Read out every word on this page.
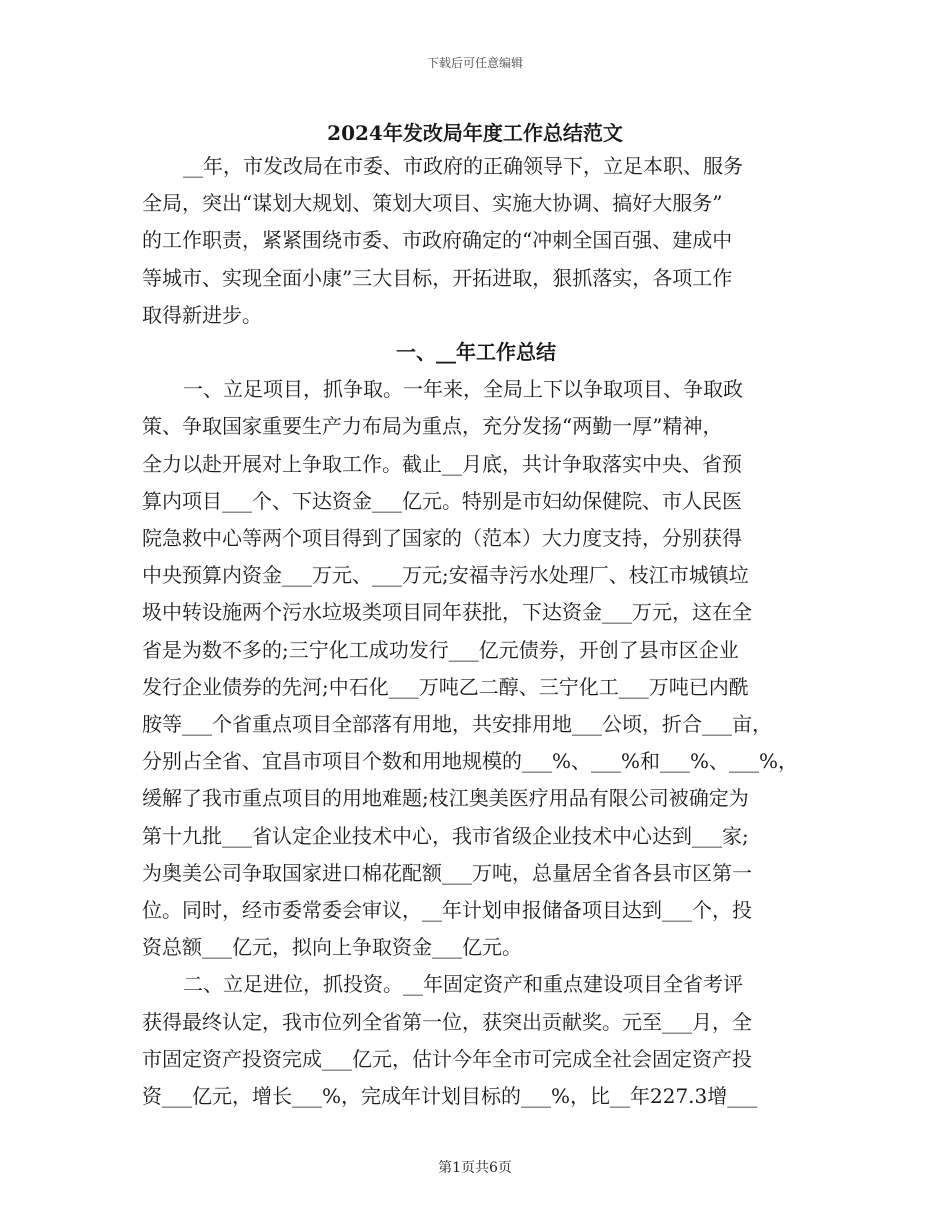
下载后可任意编辑
2024年发改局年度工作总结范文

__年，市发改局在市委、市政府的正确领导下，立足本职、服务
全局，突出“谋划大规划、策划大项目、实施大协调、搞好大服务”
的工作职责，紧紧围绕市委、市政府确定的“冲刺全国百强、建成中
等城市、实现全面小康”三大目标，开拓进取，狠抓落实，各项工作
取得新进步。

一、__年工作总结

一、立足项目，抓争取。一年来，全局上下以争取项目、争取政
策、争取国家重要生产力布局为重点，充分发扬“两勤一厚”精神，
全力以赴开展对上争取工作。截止__月底，共计争取落实中央、省预
算内项目___个、下达资金___亿元。特别是市妇幼保健院、市人民医
院急救中心等两个项目得到了国家的（范本）大力度支持，分别获得
中央预算内资金___万元、___万元;安福寺污水处理厂、枝江市城镇垃
圾中转设施两个污水垃圾类项目同年获批，下达资金___万元，这在全
省是为数不多的;三宁化工成功发行___亿元债券，开创了县市区企业
发行企业债券的先河;中石化___万吨乙二醇、三宁化工___万吨已内酰
胺等___个省重点项目全部落有用地，共安排用地___公顷，折合___亩，
分别占全省、宜昌市项目个数和用地规模的___%、___%和___%、___%，
缓解了我市重点项目的用地难题;枝江奥美医疗用品有限公司被确定为
第十九批___省认定企业技术中心，我市省级企业技术中心达到___家;
为奥美公司争取国家进口棉花配额___万吨，总量居全省各县市区第一
位。同时，经市委常委会审议，__年计划申报储备项目达到___个，投
资总额___亿元，拟向上争取资金___亿元。

二、立足进位，抓投资。__年固定资产和重点建设项目全省考评
获得最终认定，我市位列全省第一位，获突出贡献奖。元至___月，全
市固定资产投资完成___亿元，估计今年全市可完成全社会固定资产投
资___亿元，增长___%，完成年计划目标的___%，比__年227.3增___

第1页共6页
